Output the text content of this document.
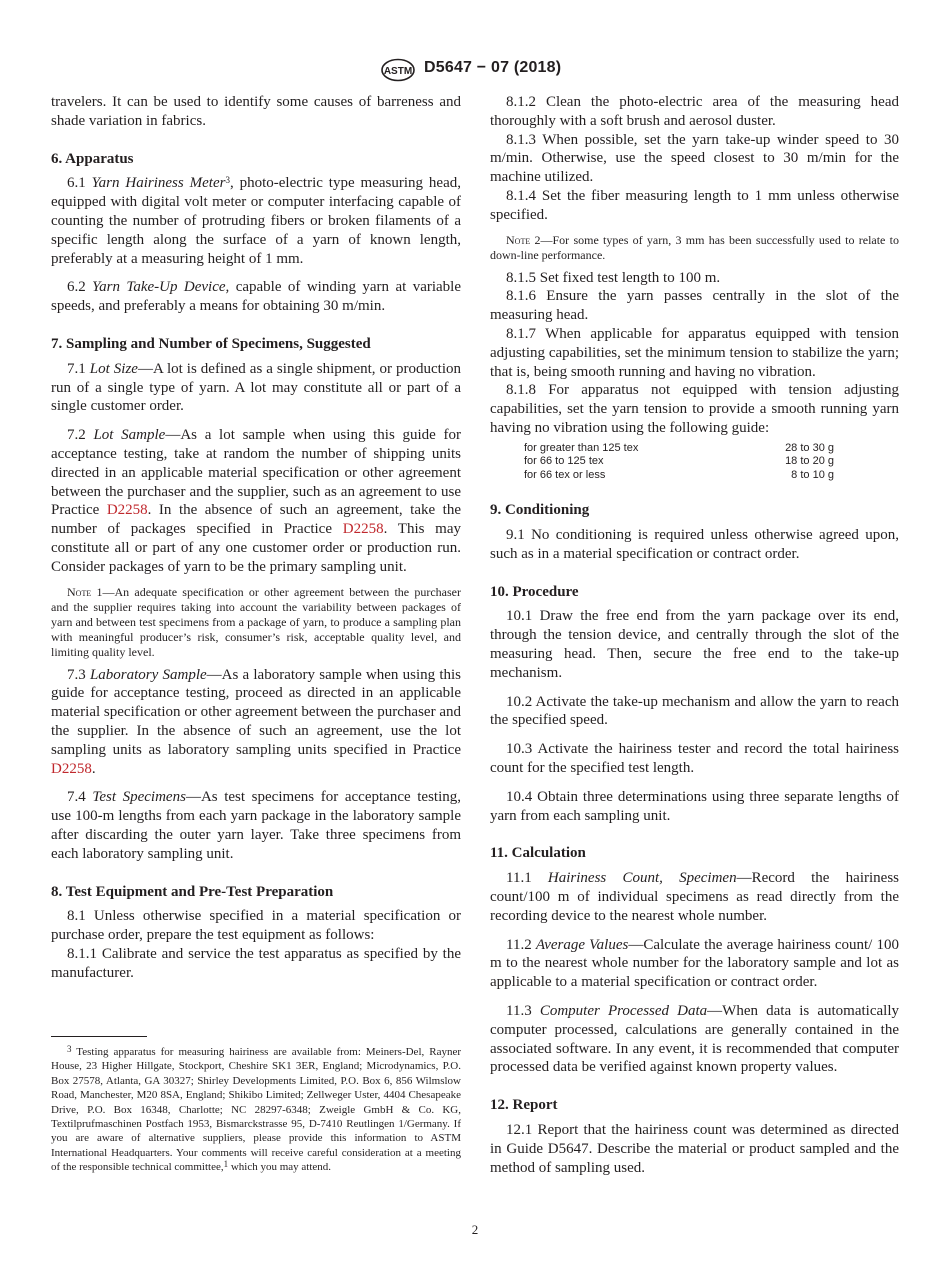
ASTM D5647 − 07 (2018)

travelers. It can be used to identify some causes of barreness and shade variation in fabrics.

6. Apparatus

6.1 Yarn Hairiness Meter$^3$, photo-electric type measuring head, equipped with digital volt meter or computer interfacing capable of counting the number of protruding fibers or broken filaments of a specific length along the surface of a yarn of known length, preferably at a measuring height of 1 mm.

6.2 Yarn Take-Up Device, capable of winding yarn at variable speeds, and preferably a means for obtaining 30 m/min.

7. Sampling and Number of Specimens, Suggested

7.1 Lot Size—A lot is defined as a single shipment, or production run of a single type of yarn. A lot may constitute all or part of a single customer order.

7.2 Lot Sample—As a lot sample when using this guide for acceptance testing, take at random the number of shipping units directed in an applicable material specification or other agreement between the purchaser and the supplier, such as an agreement to use Practice D2258. In the absence of such an agreement, take the number of packages specified in Practice D2258. This may constitute all or part of any one customer order or production run. Consider packages of yarn to be the primary sampling unit.

Note 1—An adequate specification or other agreement between the purchaser and the supplier requires taking into account the variability between packages of yarn and between test specimens from a package of yarn, to produce a sampling plan with meaningful producer’s risk, consumer’s risk, acceptable quality level, and limiting quality level.

7.3 Laboratory Sample—As a laboratory sample when using this guide for acceptance testing, proceed as directed in an applicable material specification or other agreement between the purchaser and the supplier. In the absence of such an agreement, use the lot sampling units as laboratory sampling units specified in Practice D2258.

7.4 Test Specimens—As test specimens for acceptance testing, use 100-m lengths from each yarn package in the laboratory sample after discarding the outer yarn layer. Take three specimens from each laboratory sampling unit.

8. Test Equipment and Pre-Test Preparation

8.1 Unless otherwise specified in a material specification or purchase order, prepare the test equipment as follows:

8.1.1 Calibrate and service the test apparatus as specified by the manufacturer.

$^3$ Testing apparatus for measuring hairiness are available from: Meiners-Del, Rayner House, 23 Higher Hillgate, Stockport, Cheshire SK1 3ER, England; Microdynamics, P.O. Box 27578, Atlanta, GA 30327; Shirley Developments Limited, P.O. Box 6, 856 Wilmslow Road, Manchester, M20 8SA, England; Shikibo Limited; Zellweger Uster, 4404 Chesapeake Drive, P.O. Box 16348, Charlotte; NC 28297-6348; Zweigle GmbH & Co. KG, Textilprufmaschinen Postfach 1953, Bismarckstrasse 95, D-7410 Reutlingen 1/Germany. If you are aware of alternative suppliers, please provide this information to ASTM International Headquarters. Your comments will receive careful consideration at a meeting of the responsible technical committee,$^1$ which you may attend.

8.1.2 Clean the photo-electric area of the measuring head thoroughly with a soft brush and aerosol duster.

8.1.3 When possible, set the yarn take-up winder speed to 30 m/min. Otherwise, use the speed closest to 30 m/min for the machine utilized.

8.1.4 Set the fiber measuring length to 1 mm unless otherwise specified.

Note 2—For some types of yarn, 3 mm has been successfully used to relate to down-line performance.

8.1.5 Set fixed test length to 100 m.

8.1.6 Ensure the yarn passes centrally in the slot of the measuring head.

8.1.7 When applicable for apparatus equipped with tension adjusting capabilities, set the minimum tension to stabilize the yarn; that is, being smooth running and having no vibration.

8.1.8 For apparatus not equipped with tension adjusting capabilities, set the yarn tension to provide a smooth running yarn having no vibration using the following guide:

for greater than 125 tex	28 to 30 g
for 66 to 125 tex	18 to 20 g
for 66 tex or less	8 to 10 g

9. Conditioning

9.1 No conditioning is required unless otherwise agreed upon, such as in a material specification or contract order.

10. Procedure

10.1 Draw the free end from the yarn package over its end, through the tension device, and centrally through the slot of the measuring head. Then, secure the free end to the take-up mechanism.

10.2 Activate the take-up mechanism and allow the yarn to reach the specified speed.

10.3 Activate the hairiness tester and record the total hairiness count for the specified test length.

10.4 Obtain three determinations using three separate lengths of yarn from each sampling unit.

11. Calculation

11.1 Hairiness Count, Specimen—Record the hairiness count/100 m of individual specimens as read directly from the recording device to the nearest whole number.

11.2 Average Values—Calculate the average hairiness count/ 100 m to the nearest whole number for the laboratory sample and lot as applicable to a material specification or contract order.

11.3 Computer Processed Data—When data is automatically computer processed, calculations are generally contained in the associated software. In any event, it is recommended that computer processed data be verified against known property values.

12. Report

12.1 Report that the hairiness count was determined as directed in Guide D5647. Describe the material or product sampled and the method of sampling used.

2
